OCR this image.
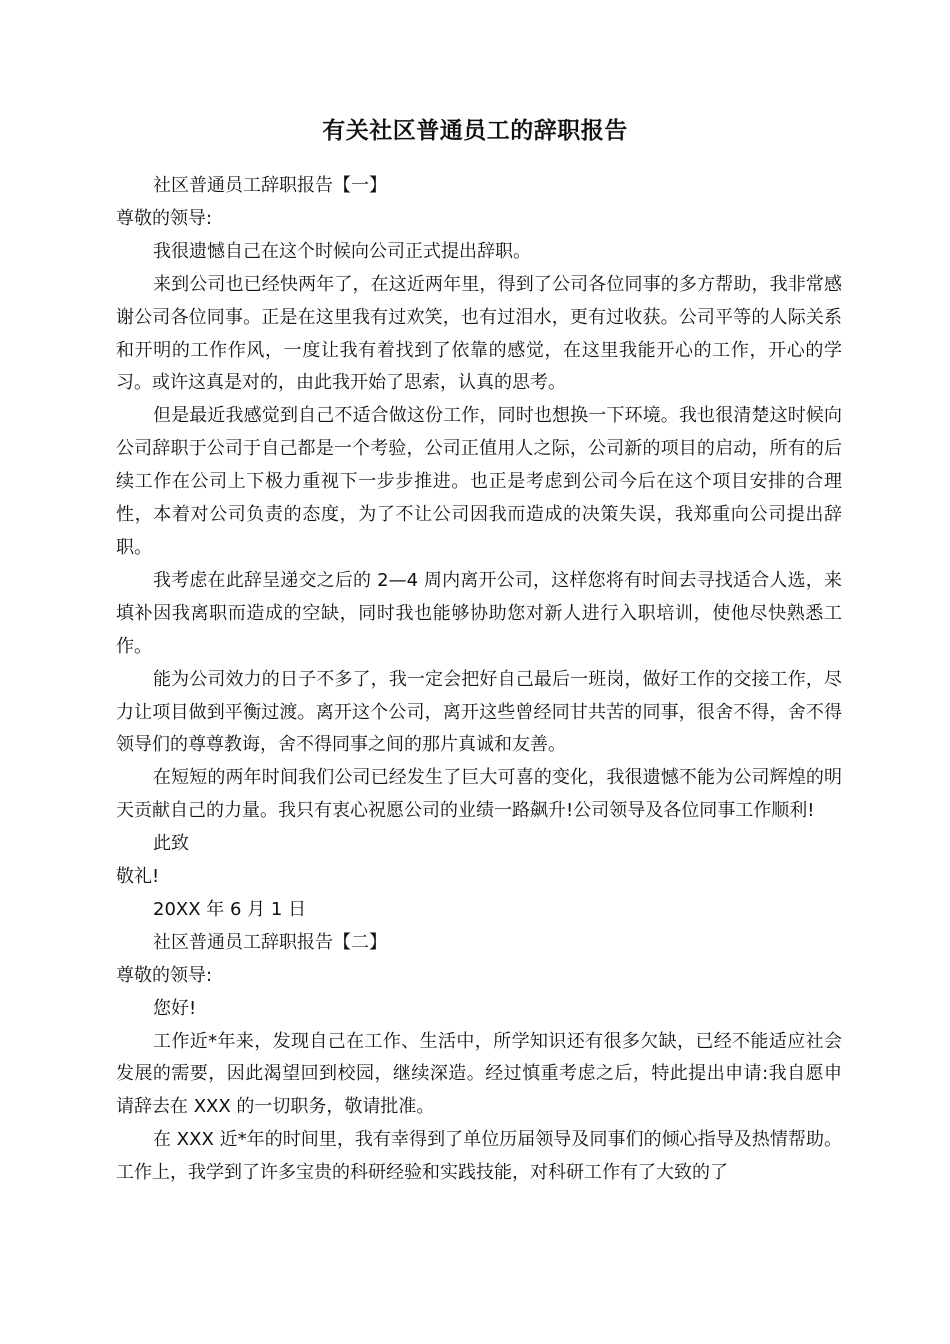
有关社区普通员工的辞职报告

社区普通员工辞职报告【一】

尊敬的领导:

我很遗憾自己在这个时候向公司正式提出辞职。

来到公司也已经快两年了，在这近两年里，得到了公司各位同事的多方帮助，我非常感谢公司各位同事。正是在这里我有过欢笑，也有过泪水，更有过收获。公司平等的人际关系和开明的工作作风，一度让我有着找到了依靠的感觉，在这里我能开心的工作，开心的学习。或许这真是对的，由此我开始了思索，认真的思考。

但是最近我感觉到自己不适合做这份工作，同时也想换一下环境。我也很清楚这时候向公司辞职于公司于自己都是一个考验，公司正值用人之际，公司新的项目的启动，所有的后续工作在公司上下极力重视下一步步推进。也正是考虑到公司今后在这个项目安排的合理性，本着对公司负责的态度，为了不让公司因我而造成的决策失误，我郑重向公司提出辞职。

我考虑在此辞呈递交之后的 2—4 周内离开公司，这样您将有时间去寻找适合人选，来填补因我离职而造成的空缺，同时我也能够协助您对新人进行入职培训，使他尽快熟悉工作。

能为公司效力的日子不多了，我一定会把好自己最后一班岗，做好工作的交接工作，尽力让项目做到平衡过渡。离开这个公司，离开这些曾经同甘共苦的同事，很舍不得，舍不得领导们的尊尊教诲，舍不得同事之间的那片真诚和友善。

在短短的两年时间我们公司已经发生了巨大可喜的变化，我很遗憾不能为公司辉煌的明天贡献自己的力量。我只有衷心祝愿公司的业绩一路飙升!公司领导及各位同事工作顺利!

此致

敬礼!

20XX 年 6 月 1 日

社区普通员工辞职报告【二】

尊敬的领导:

您好!

工作近*年来，发现自己在工作、生活中，所学知识还有很多欠缺，已经不能适应社会发展的需要，因此渴望回到校园，继续深造。经过慎重考虑之后，特此提出申请:我自愿申请辞去在 XXX 的一切职务，敬请批准。

在 XXX 近*年的时间里，我有幸得到了单位历届领导及同事们的倾心指导及热情帮助。工作上，我学到了许多宝贵的科研经验和实践技能，对科研工作有了大致的了
